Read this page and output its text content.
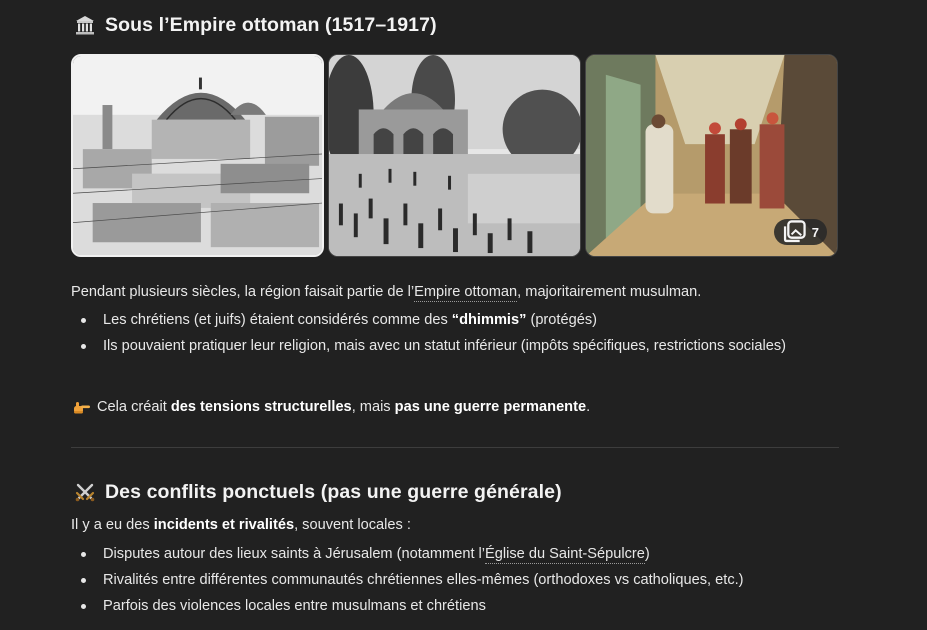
Sous l’Empire ottoman (1517–1917)
7

Pendant plusieurs siècles, la région faisait partie de l’Empire ottoman, majoritairement musulman.

Les chrétiens (et juifs) étaient considérés comme des “dhimmis” (protégés)
Ils pouvaient pratiquer leur religion, mais avec un statut inférieur (impôts spécifiques, restrictions sociales)
Cela créait des tensions structurelles, mais pas une guerre permanente.
Des conflits ponctuels (pas une guerre générale)

Il y a eu des incidents et rivalités, souvent locales :

Disputes autour des lieux saints à Jérusalem (notamment l’Église du Saint-Sépulcre)
Rivalités entre différentes communautés chrétiennes elles-mêmes (orthodoxes vs catholiques, etc.)
Parfois des violences locales entre musulmans et chrétiens
